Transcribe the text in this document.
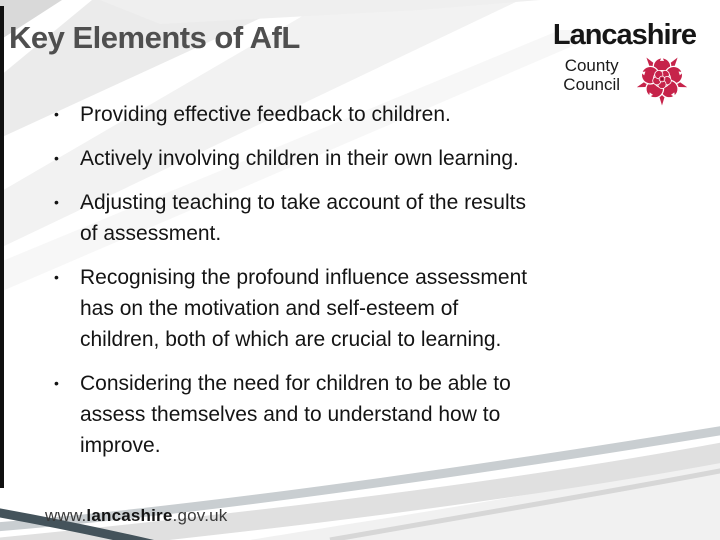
Key Elements of AfL	Lancashire
County
Council
•	Providing effective feedback to children.
•	Actively involving children in their own learning.
•	Adjusting teaching to take account of the results
of assessment.
•	Recognising the profound influence assessment
has on the motivation and self-esteem of
children, both of which are crucial to learning.
•	Considering the need for children to be able to
assess themselves and to understand how to
improve.
www.lancashire.gov.uk
